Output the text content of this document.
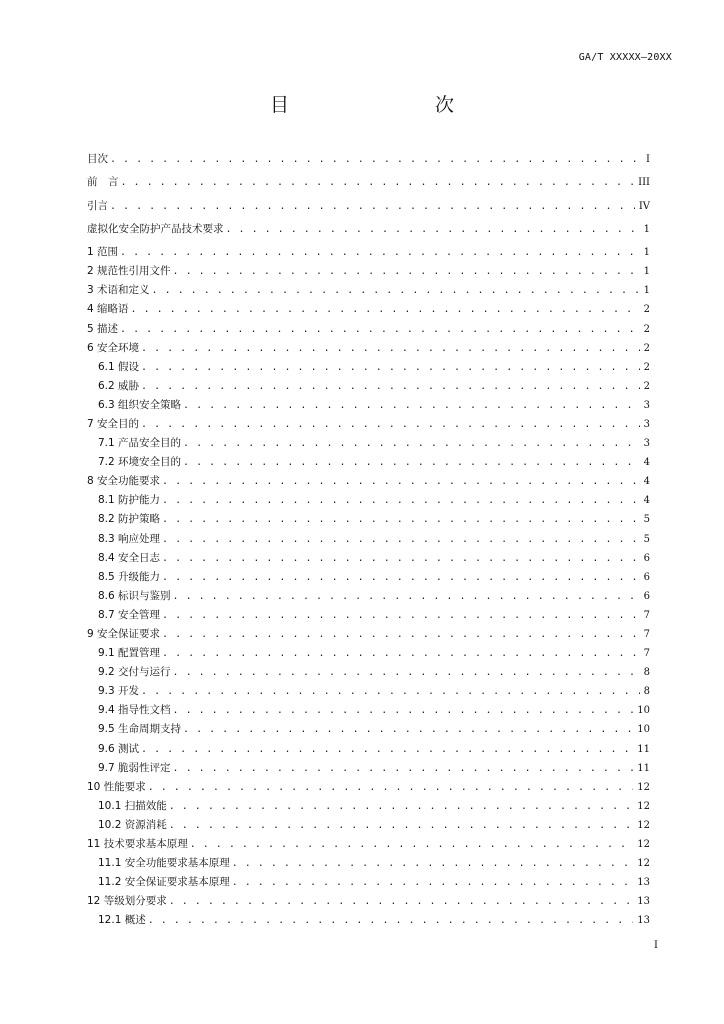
GA/T XXXXX—20XX
目　　次
目次 . . .	I
前　言 . . .	III
引言 . . .	IV
虚拟化安全防护产品技术要求 . . .	1
1 范围 . . .	1
2 规范性引用文件 . . .	1
3 术语和定义 . . .	1
4 缩略语 . . .	2
5 描述 . . .	2
6 安全环境 . . .	2
6.1 假设 . . .	2
6.2 威胁 . . .	2
6.3 组织安全策略 . . .	3
7 安全目的 . . .	3
7.1 产品安全目的 . . .	3
7.2 环境安全目的 . . .	4
8 安全功能要求 . . .	4
8.1 防护能力 . . .	4
8.2 防护策略 . . .	5
8.3 响应处理 . . .	5
8.4 安全日志 . . .	6
8.5 升级能力 . . .	6
8.6 标识与鉴别 . . .	6
8.7 安全管理 . . .	7
9 安全保证要求 . . .	7
9.1 配置管理 . . .	7
9.2 交付与运行 . . .	8
9.3 开发 . . .	8
9.4 指导性文档 . . .	10
9.5 生命周期支持 . . .	10
9.6 测试 . . .	11
9.7 脆弱性评定 . . .	11
10 性能要求 . . .	12
10.1 扫描效能 . . .	12
10.2 资源消耗 . . .	12
11 技术要求基本原理 . . .	12
11.1 安全功能要求基本原理 . . .	12
11.2 安全保证要求基本原理 . . .	13
12 等级划分要求 . . .	13
12.1 概述 . . .	13
I
